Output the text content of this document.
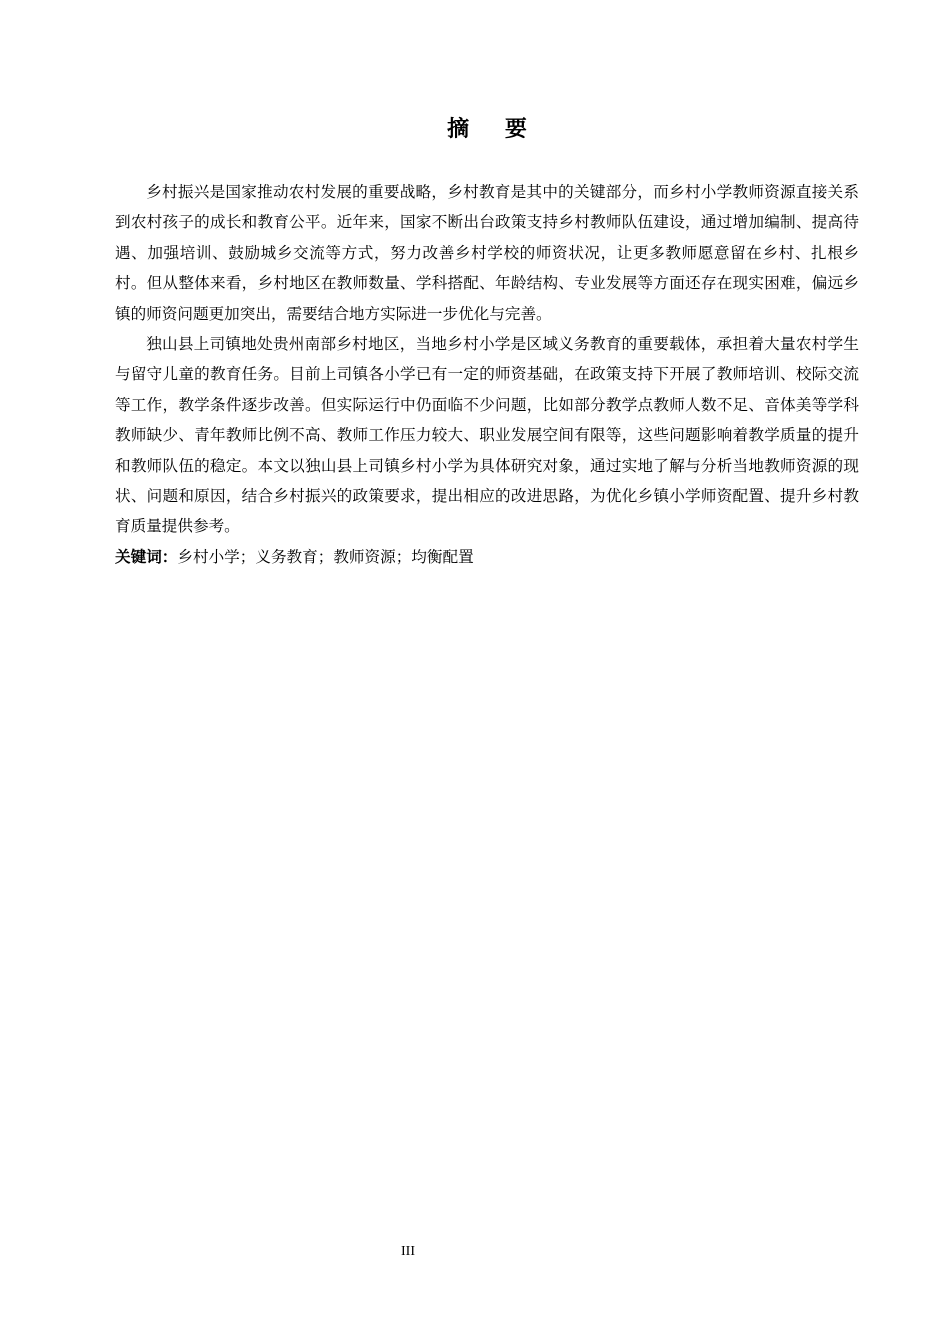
摘 要

乡村振兴是国家推动农村发展的重要战略，乡村教育是其中的关键部分，而乡村小学教师资源直接关系到农村孩子的成长和教育公平。近年来，国家不断出台政策支持乡村教师队伍建设，通过增加编制、提高待遇、加强培训、鼓励城乡交流等方式，努力改善乡村学校的师资状况，让更多教师愿意留在乡村、扎根乡村。但从整体来看，乡村地区在教师数量、学科搭配、年龄结构、专业发展等方面还存在现实困难，偏远乡镇的师资问题更加突出，需要结合地方实际进一步优化与完善。

独山县上司镇地处贵州南部乡村地区，当地乡村小学是区域义务教育的重要载体，承担着大量农村学生与留守儿童的教育任务。目前上司镇各小学已有一定的师资基础，在政策支持下开展了教师培训、校际交流等工作，教学条件逐步改善。但实际运行中仍面临不少问题，比如部分教学点教师人数不足、音体美等学科教师缺少、青年教师比例不高、教师工作压力较大、职业发展空间有限等，这些问题影响着教学质量的提升和教师队伍的稳定。本文以独山县上司镇乡村小学为具体研究对象，通过实地了解与分析当地教师资源的现状、问题和原因，结合乡村振兴的政策要求，提出相应的改进思路，为优化乡镇小学师资配置、提升乡村教育质量提供参考。

关键词：乡村小学；义务教育；教师资源；均衡配置

III
